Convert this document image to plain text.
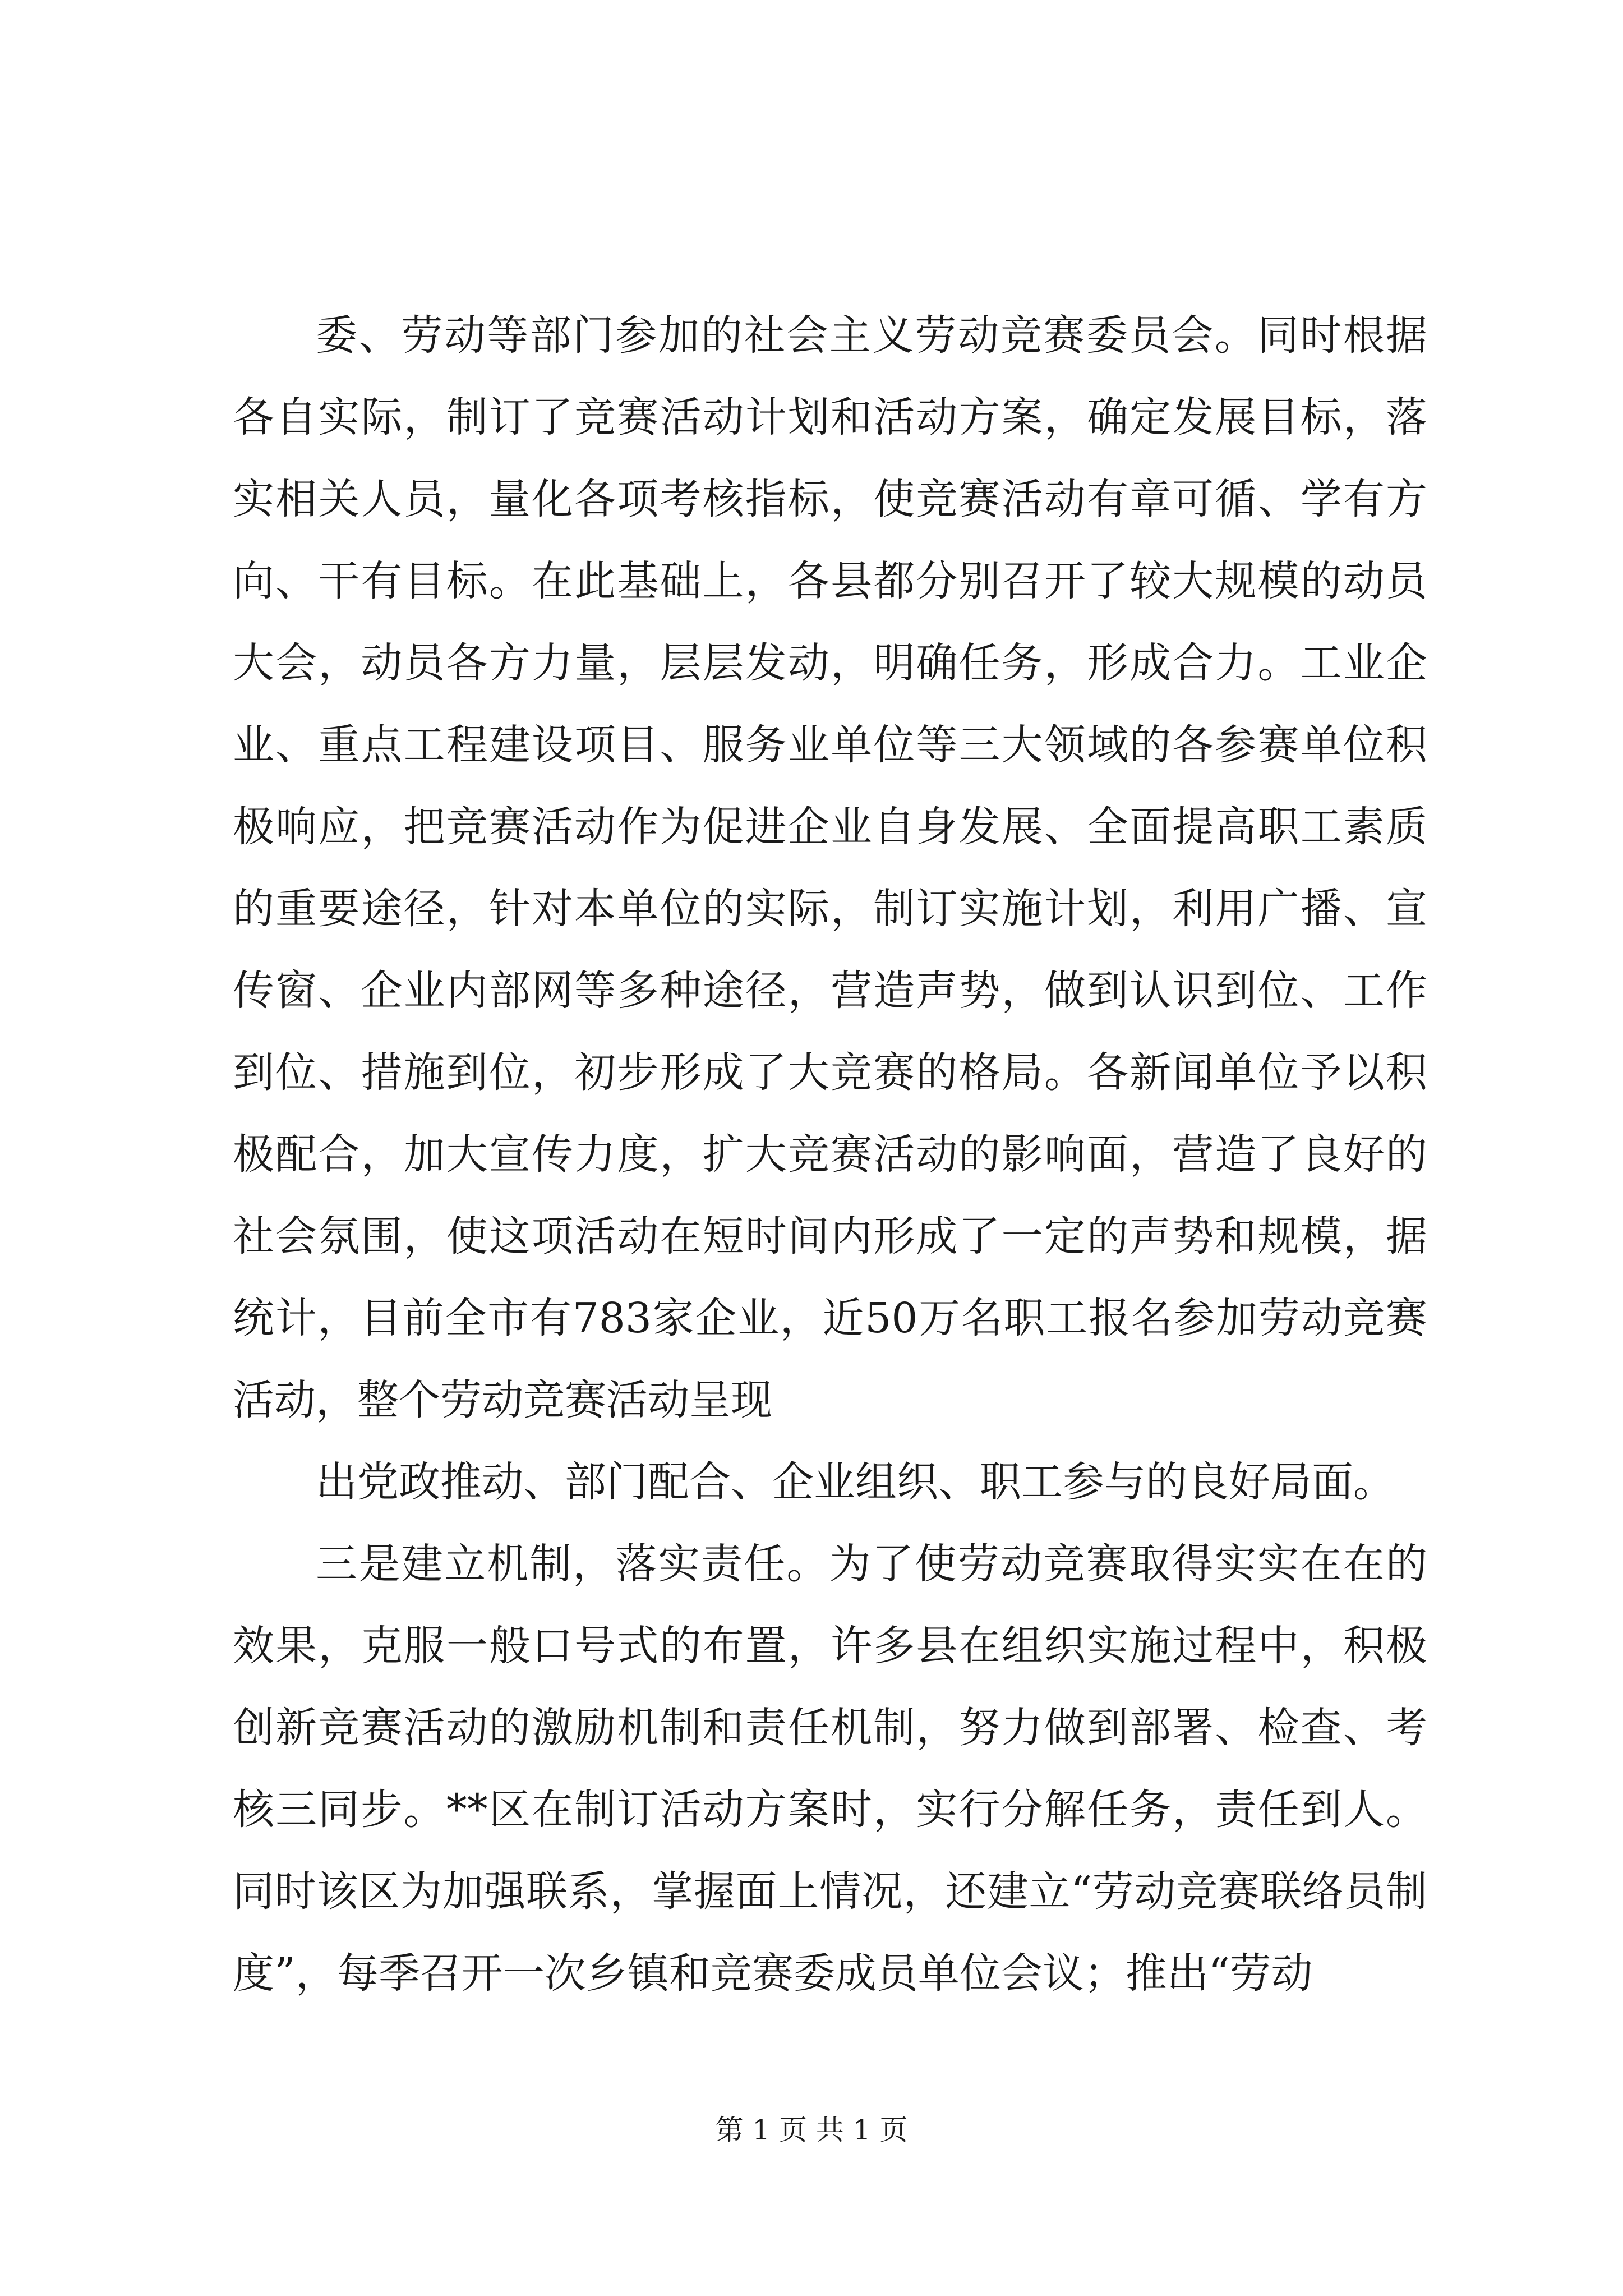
委、劳动等部门参加的社会主义劳动竞赛委员会。同时根据各自实际，制订了竞赛活动计划和活动方案，确定发展目标，落实相关人员，量化各项考核指标，使竞赛活动有章可循、学有方向、干有目标。在此基础上，各县都分别召开了较大规模的动员大会，动员各方力量，层层发动，明确任务，形成合力。工业企业、重点工程建设项目、服务业单位等三大领域的各参赛单位积极响应，把竞赛活动作为促进企业自身发展、全面提高职工素质的重要途径，针对本单位的实际，制订实施计划，利用广播、宣传窗、企业内部网等多种途径，营造声势，做到认识到位、工作到位、措施到位，初步形成了大竞赛的格局。各新闻单位予以积极配合，加大宣传力度，扩大竞赛活动的影响面，营造了良好的社会氛围，使这项活动在短时间内形成了一定的声势和规模，据统计，目前全市有783家企业，近50万名职工报名参加劳动竞赛活动，整个劳动竞赛活动呈现

出党政推动、部门配合、企业组织、职工参与的良好局面。

三是建立机制，落实责任。为了使劳动竞赛取得实实在在的效果，克服一般口号式的布置，许多县在组织实施过程中，积极创新竞赛活动的激励机制和责任机制，努力做到部署、检查、考核三同步。**区在制订活动方案时，实行分解任务，责任到人。同时该区为加强联系，掌握面上情况，还建立“劳动竞赛联络员制度”，每季召开一次乡镇和竞赛委成员单位会议；推出“劳动

第 1 页 共 1 页
